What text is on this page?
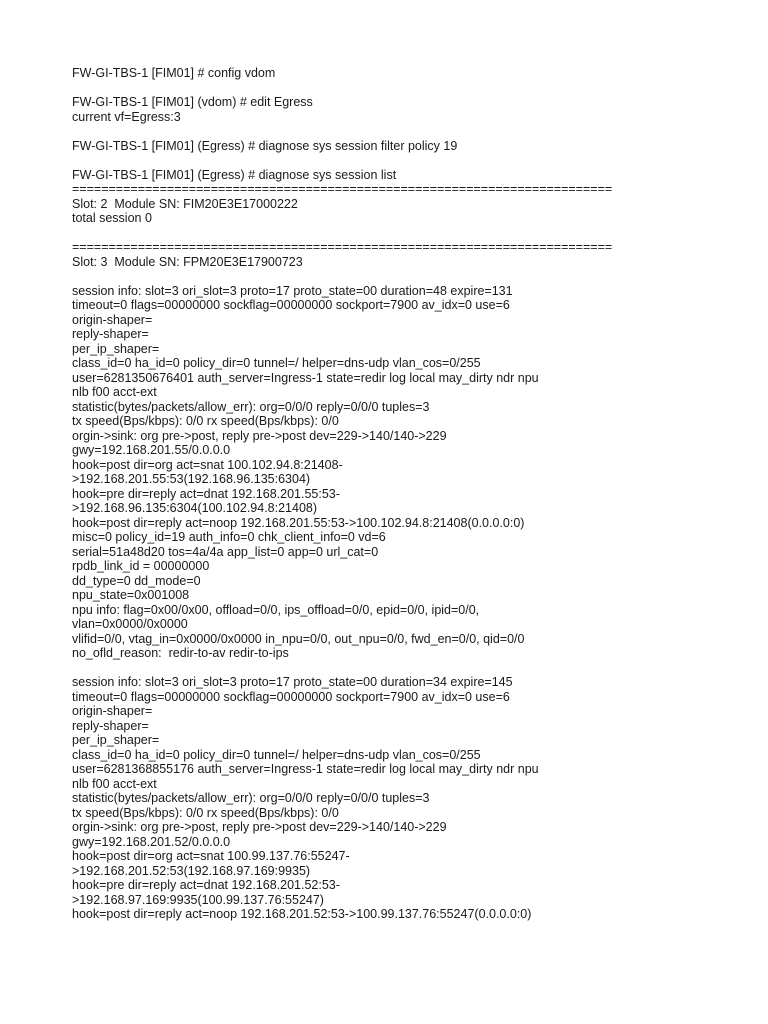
FW-GI-TBS-1 [FIM01] # config vdom
FW-GI-TBS-1 [FIM01] (vdom) # edit Egress
current vf=Egress:3
FW-GI-TBS-1 [FIM01] (Egress) # diagnose sys session filter policy 19
FW-GI-TBS-1 [FIM01] (Egress) # diagnose sys session list
==========================================================================
Slot: 2  Module SN: FIM20E3E17000222
total session 0
==========================================================================
Slot: 3  Module SN: FPM20E3E17900723
session info: slot=3 ori_slot=3 proto=17 proto_state=00 duration=48 expire=131
timeout=0 flags=00000000 sockflag=00000000 sockport=7900 av_idx=0 use=6
origin-shaper=
reply-shaper=
per_ip_shaper=
class_id=0 ha_id=0 policy_dir=0 tunnel=/ helper=dns-udp vlan_cos=0/255
user=6281350676401 auth_server=Ingress-1 state=redir log local may_dirty ndr npu
nlb f00 acct-ext
statistic(bytes/packets/allow_err): org=0/0/0 reply=0/0/0 tuples=3
tx speed(Bps/kbps): 0/0 rx speed(Bps/kbps): 0/0
orgin->sink: org pre->post, reply pre->post dev=229->140/140->229
gwy=192.168.201.55/0.0.0.0
hook=post dir=org act=snat 100.102.94.8:21408-
>192.168.201.55:53(192.168.96.135:6304)
hook=pre dir=reply act=dnat 192.168.201.55:53-
>192.168.96.135:6304(100.102.94.8:21408)
hook=post dir=reply act=noop 192.168.201.55:53->100.102.94.8:21408(0.0.0.0:0)
misc=0 policy_id=19 auth_info=0 chk_client_info=0 vd=6
serial=51a48d20 tos=4a/4a app_list=0 app=0 url_cat=0
rpdb_link_id = 00000000
dd_type=0 dd_mode=0
npu_state=0x001008
npu info: flag=0x00/0x00, offload=0/0, ips_offload=0/0, epid=0/0, ipid=0/0,
vlan=0x0000/0x0000
vlifid=0/0, vtag_in=0x0000/0x0000 in_npu=0/0, out_npu=0/0, fwd_en=0/0, qid=0/0
no_ofld_reason:  redir-to-av redir-to-ips
session info: slot=3 ori_slot=3 proto=17 proto_state=00 duration=34 expire=145
timeout=0 flags=00000000 sockflag=00000000 sockport=7900 av_idx=0 use=6
origin-shaper=
reply-shaper=
per_ip_shaper=
class_id=0 ha_id=0 policy_dir=0 tunnel=/ helper=dns-udp vlan_cos=0/255
user=6281368855176 auth_server=Ingress-1 state=redir log local may_dirty ndr npu
nlb f00 acct-ext
statistic(bytes/packets/allow_err): org=0/0/0 reply=0/0/0 tuples=3
tx speed(Bps/kbps): 0/0 rx speed(Bps/kbps): 0/0
orgin->sink: org pre->post, reply pre->post dev=229->140/140->229
gwy=192.168.201.52/0.0.0.0
hook=post dir=org act=snat 100.99.137.76:55247-
>192.168.201.52:53(192.168.97.169:9935)
hook=pre dir=reply act=dnat 192.168.201.52:53-
>192.168.97.169:9935(100.99.137.76:55247)
hook=post dir=reply act=noop 192.168.201.52:53->100.99.137.76:55247(0.0.0.0:0)
